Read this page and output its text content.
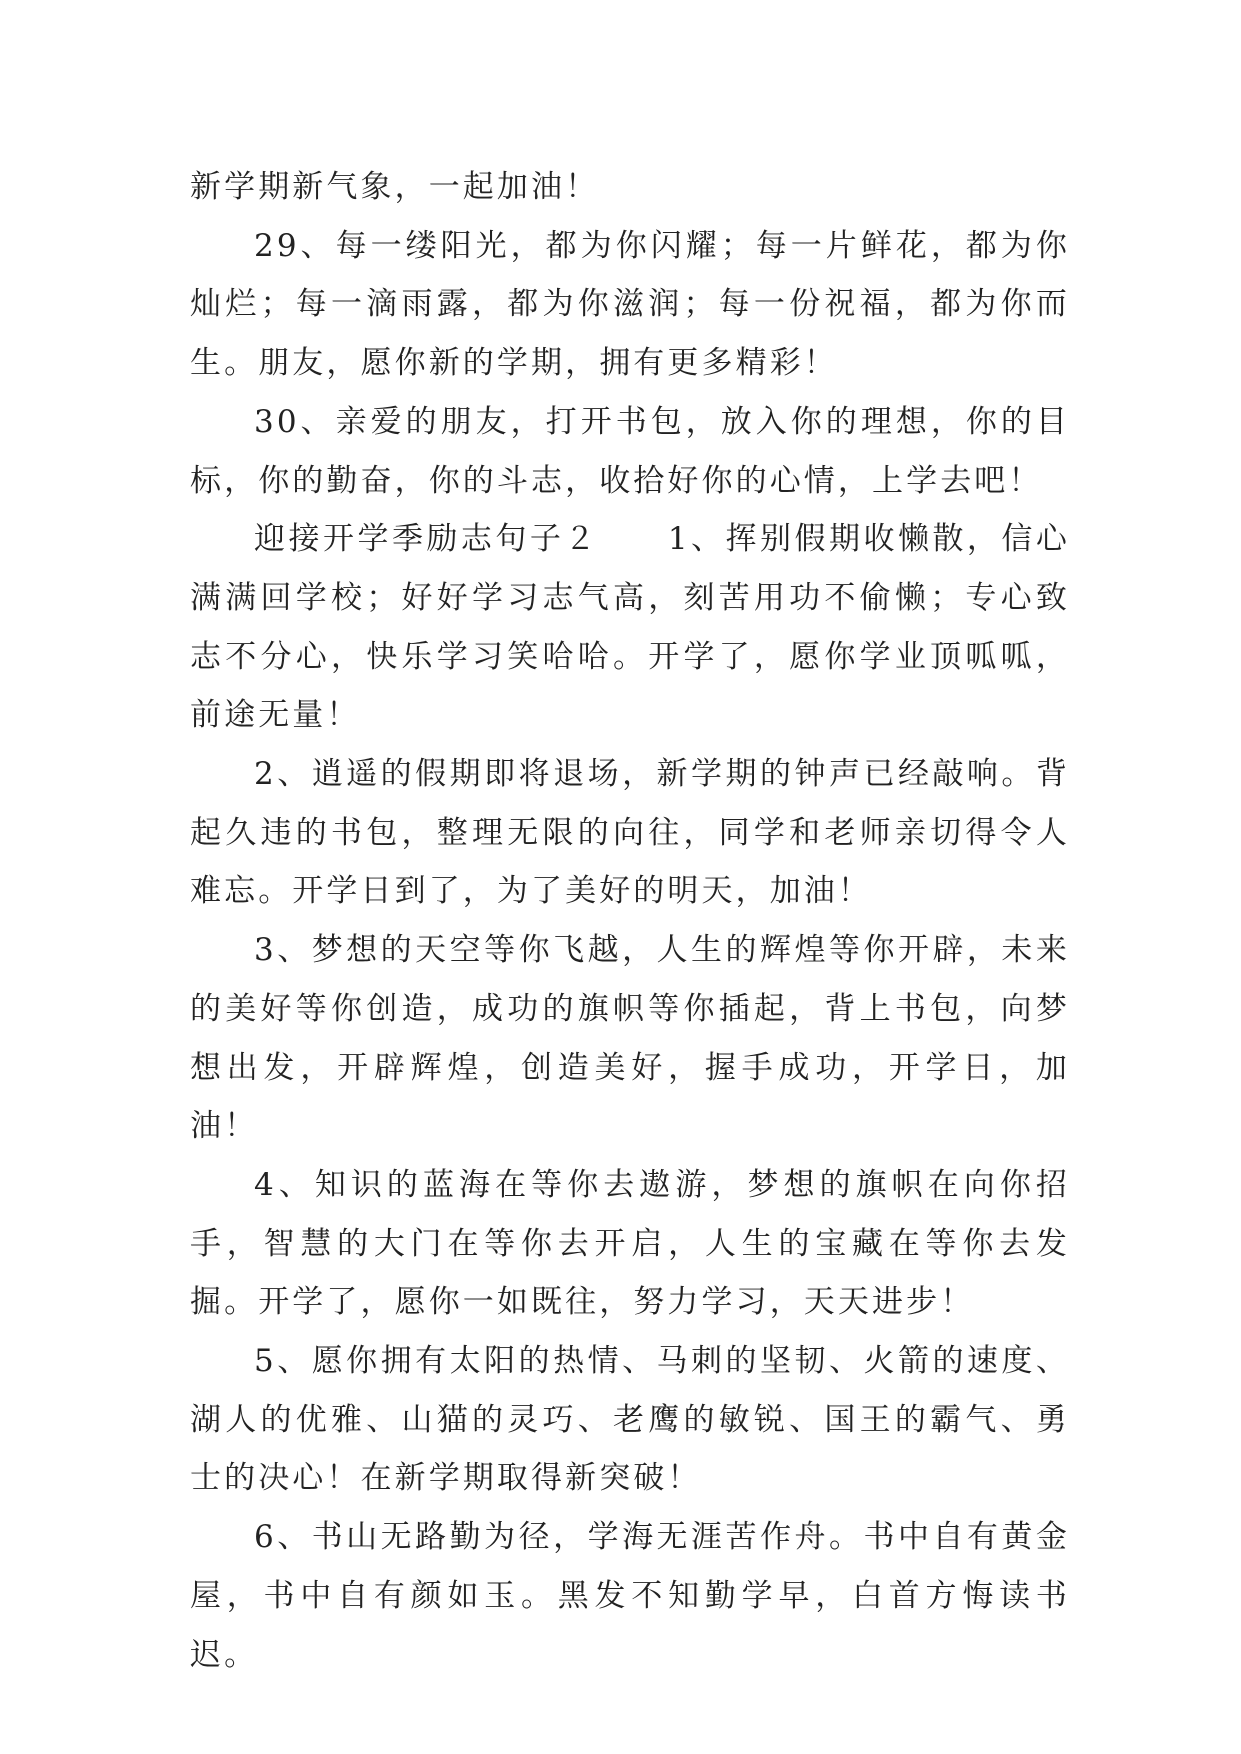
新学期新气象，一起加油！

29、每一缕阳光，都为你闪耀；每一片鲜花，都为你灿烂；每一滴雨露，都为你滋润；每一份祝福，都为你而生。朋友，愿你新的学期，拥有更多精彩！

30、亲爱的朋友，打开书包，放入你的理想，你的目标，你的勤奋，你的斗志，收拾好你的心情，上学去吧！

迎接开学季励志句子２　　1、挥别假期收懒散，信心满满回学校；好好学习志气高，刻苦用功不偷懒；专心致志不分心，快乐学习笑哈哈。开学了，愿你学业顶呱呱，前途无量！

2、逍遥的假期即将退场，新学期的钟声已经敲响。背起久违的书包，整理无限的向往，同学和老师亲切得令人难忘。开学日到了，为了美好的明天，加油！

3、梦想的天空等你飞越，人生的辉煌等你开辟，未来的美好等你创造，成功的旗帜等你插起，背上书包，向梦想出发，开辟辉煌，创造美好，握手成功，开学日，加油！

4、知识的蓝海在等你去遨游，梦想的旗帜在向你招手，智慧的大门在等你去开启，人生的宝藏在等你去发掘。开学了，愿你一如既往，努力学习，天天进步！

5、愿你拥有太阳的热情、马刺的坚韧、火箭的速度、湖人的优雅、山猫的灵巧、老鹰的敏锐、国王的霸气、勇士的决心！在新学期取得新突破！

6、书山无路勤为径，学海无涯苦作舟。书中自有黄金屋，书中自有颜如玉。黑发不知勤学早，白首方悔读书迟。
